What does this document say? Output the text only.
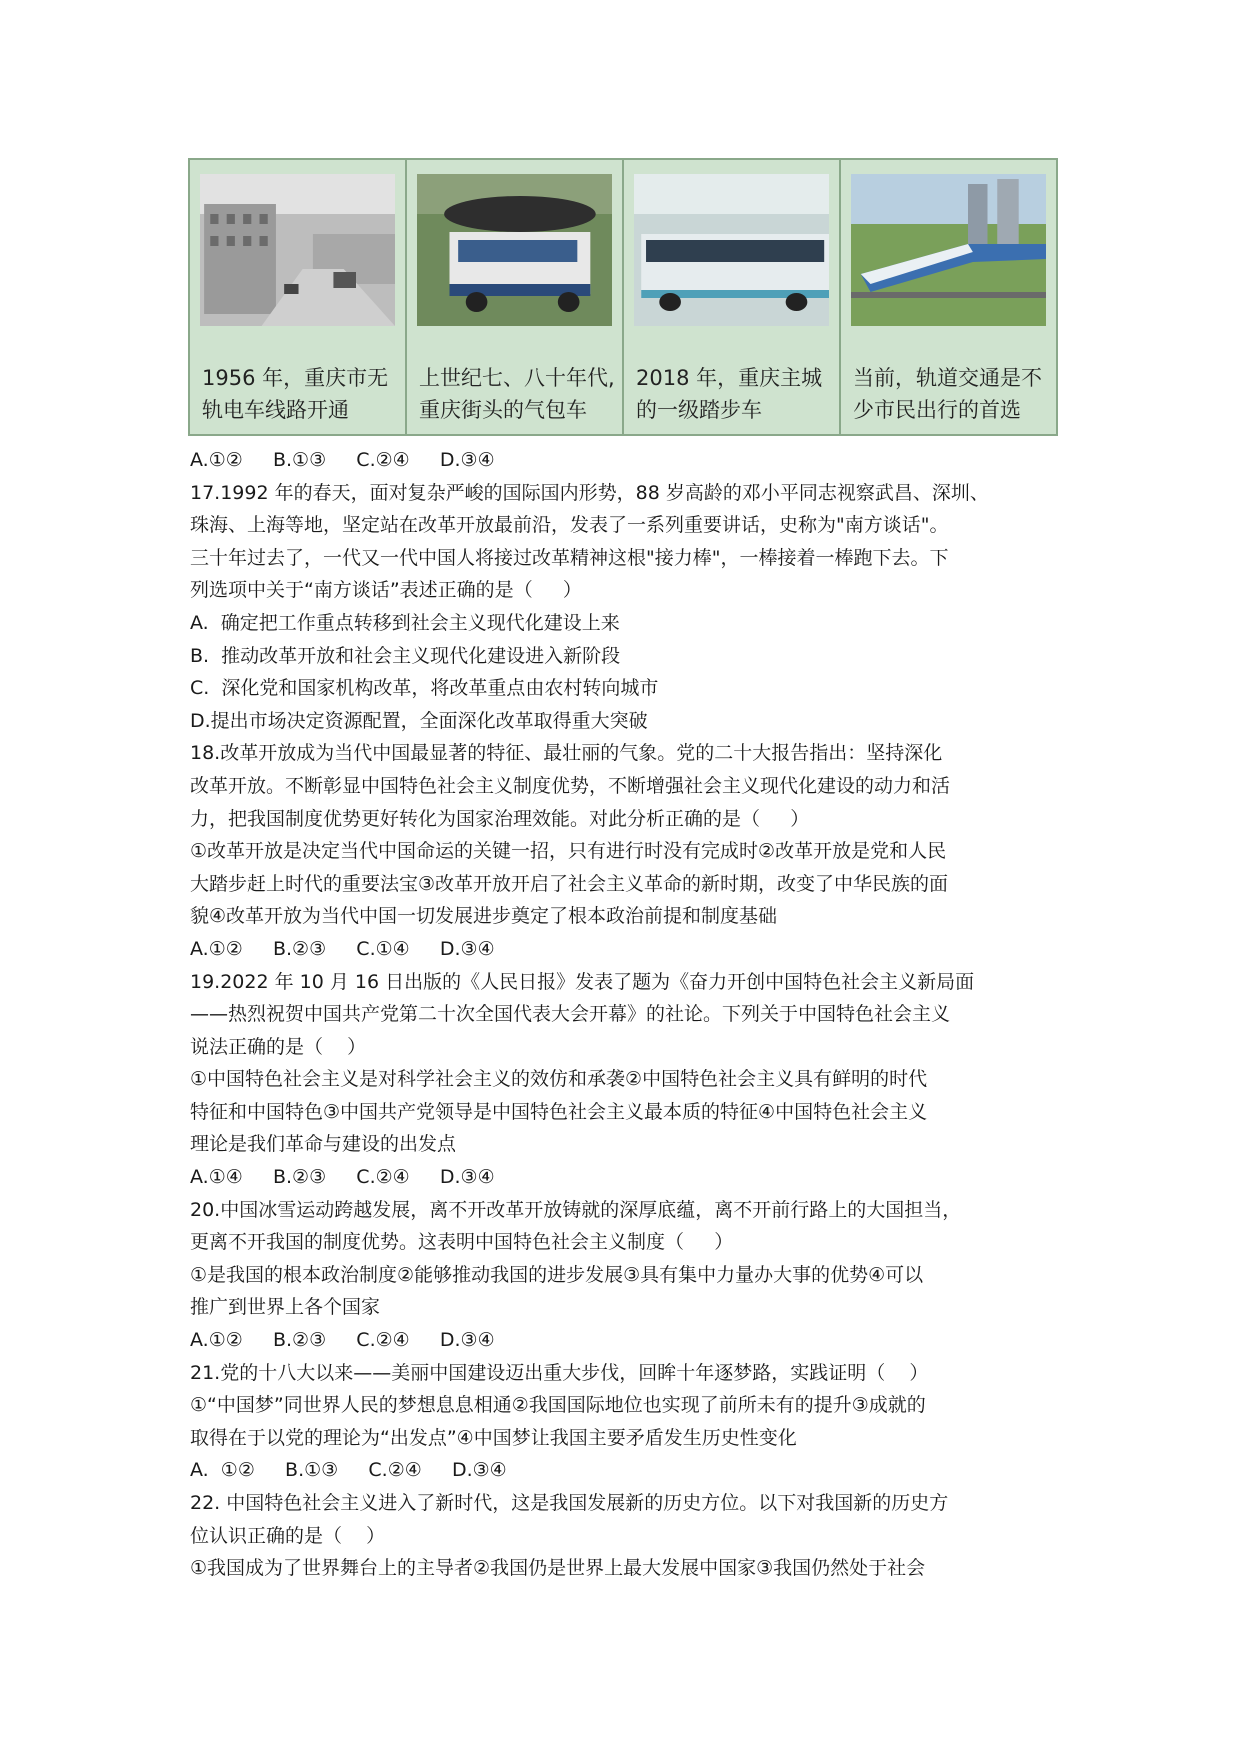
1956 年，重庆市无
轨电车线路开通
上世纪七、八十年代,
重庆街头的气包车
2018 年，重庆主城
的一级踏步车
当前，轨道交通是不
少市民出行的首选
A.①②     B.①③     C.②④     D.③④
17.1992 年的春天，面对复杂严峻的国际国内形势，88 岁高龄的邓小平同志视察武昌、深圳、
珠海、上海等地，坚定站在改革开放最前沿，发表了一系列重要讲话，史称为"南方谈话"。
三十年过去了，一代又一代中国人将接过改革精神这根"接力棒"，一棒接着一棒跑下去。下
列选项中关于“南方谈话”表述正确的是（     ）
A.  确定把工作重点转移到社会主义现代化建设上来
B.  推动改革开放和社会主义现代化建设进入新阶段
C.  深化党和国家机构改革，将改革重点由农村转向城市
D.提出市场决定资源配置，全面深化改革取得重大突破
18.改革开放成为当代中国最显著的特征、最壮丽的气象。党的二十大报告指出：坚持深化
改革开放。不断彰显中国特色社会主义制度优势，不断增强社会主义现代化建设的动力和活
力，把我国制度优势更好转化为国家治理效能。对此分析正确的是（     ）
①改革开放是决定当代中国命运的关键一招，只有进行时没有完成时②改革开放是党和人民
大踏步赶上时代的重要法宝③改革开放开启了社会主义革命的新时期，改变了中华民族的面
貌④改革开放为当代中国一切发展进步奠定了根本政治前提和制度基础
A.①②     B.②③     C.①④     D.③④
19.2022 年 10 月 16 日出版的《人民日报》发表了题为《奋力开创中国特色社会主义新局面
——热烈祝贺中国共产党第二十次全国代表大会开幕》的社论。下列关于中国特色社会主义
说法正确的是（    ）
①中国特色社会主义是对科学社会主义的效仿和承袭②中国特色社会主义具有鲜明的时代
特征和中国特色③中国共产党领导是中国特色社会主义最本质的特征④中国特色社会主义
理论是我们革命与建设的出发点
A.①④     B.②③     C.②④     D.③④
20.中国冰雪运动跨越发展，离不开改革开放铸就的深厚底蕴，离不开前行路上的大国担当，
更离不开我国的制度优势。这表明中国特色社会主义制度（     ）
①是我国的根本政治制度②能够推动我国的进步发展③具有集中力量办大事的优势④可以
推广到世界上各个国家
A.①②     B.②③     C.②④     D.③④
21.党的十八大以来——美丽中国建设迈出重大步伐，回眸十年逐梦路，实践证明（    ）
①“中国梦”同世界人民的梦想息息相通②我国国际地位也实现了前所未有的提升③成就的
取得在于以党的理论为“出发点”④中国梦让我国主要矛盾发生历史性变化
A.  ①②     B.①③     C.②④     D.③④
22. 中国特色社会主义进入了新时代，这是我国发展新的历史方位。以下对我国新的历史方
位认识正确的是（    ）
①我国成为了世界舞台上的主导者②我国仍是世界上最大发展中国家③我国仍然处于社会
